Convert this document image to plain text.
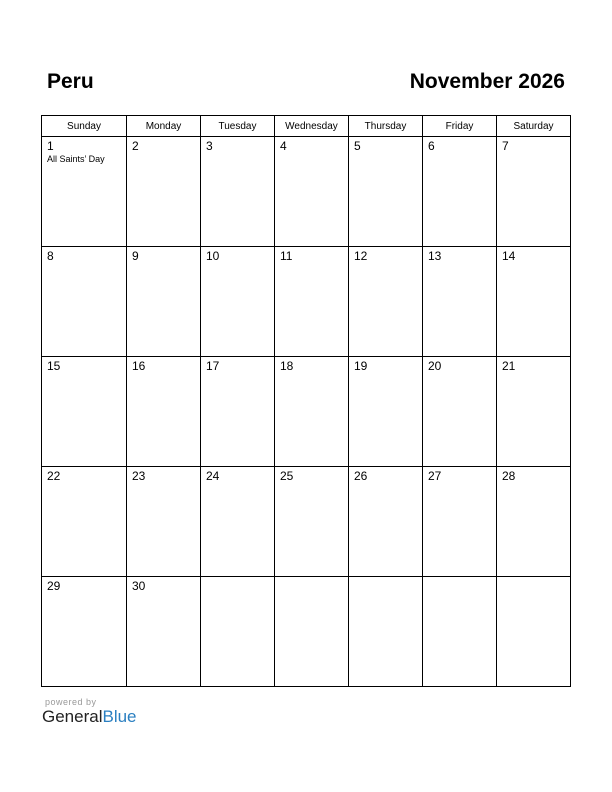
Peru	November 2026
Sunday	Monday	Tuesday	Wednesday	Thursday	Friday	Saturday

1
All Saints’ Day	2	3	4	5	6	7

8	9	10	11	12	13	14

15	16	17	18	19	20	21

22	23	24	25	26	27	28

29	30					

powered by
GeneralBlue
